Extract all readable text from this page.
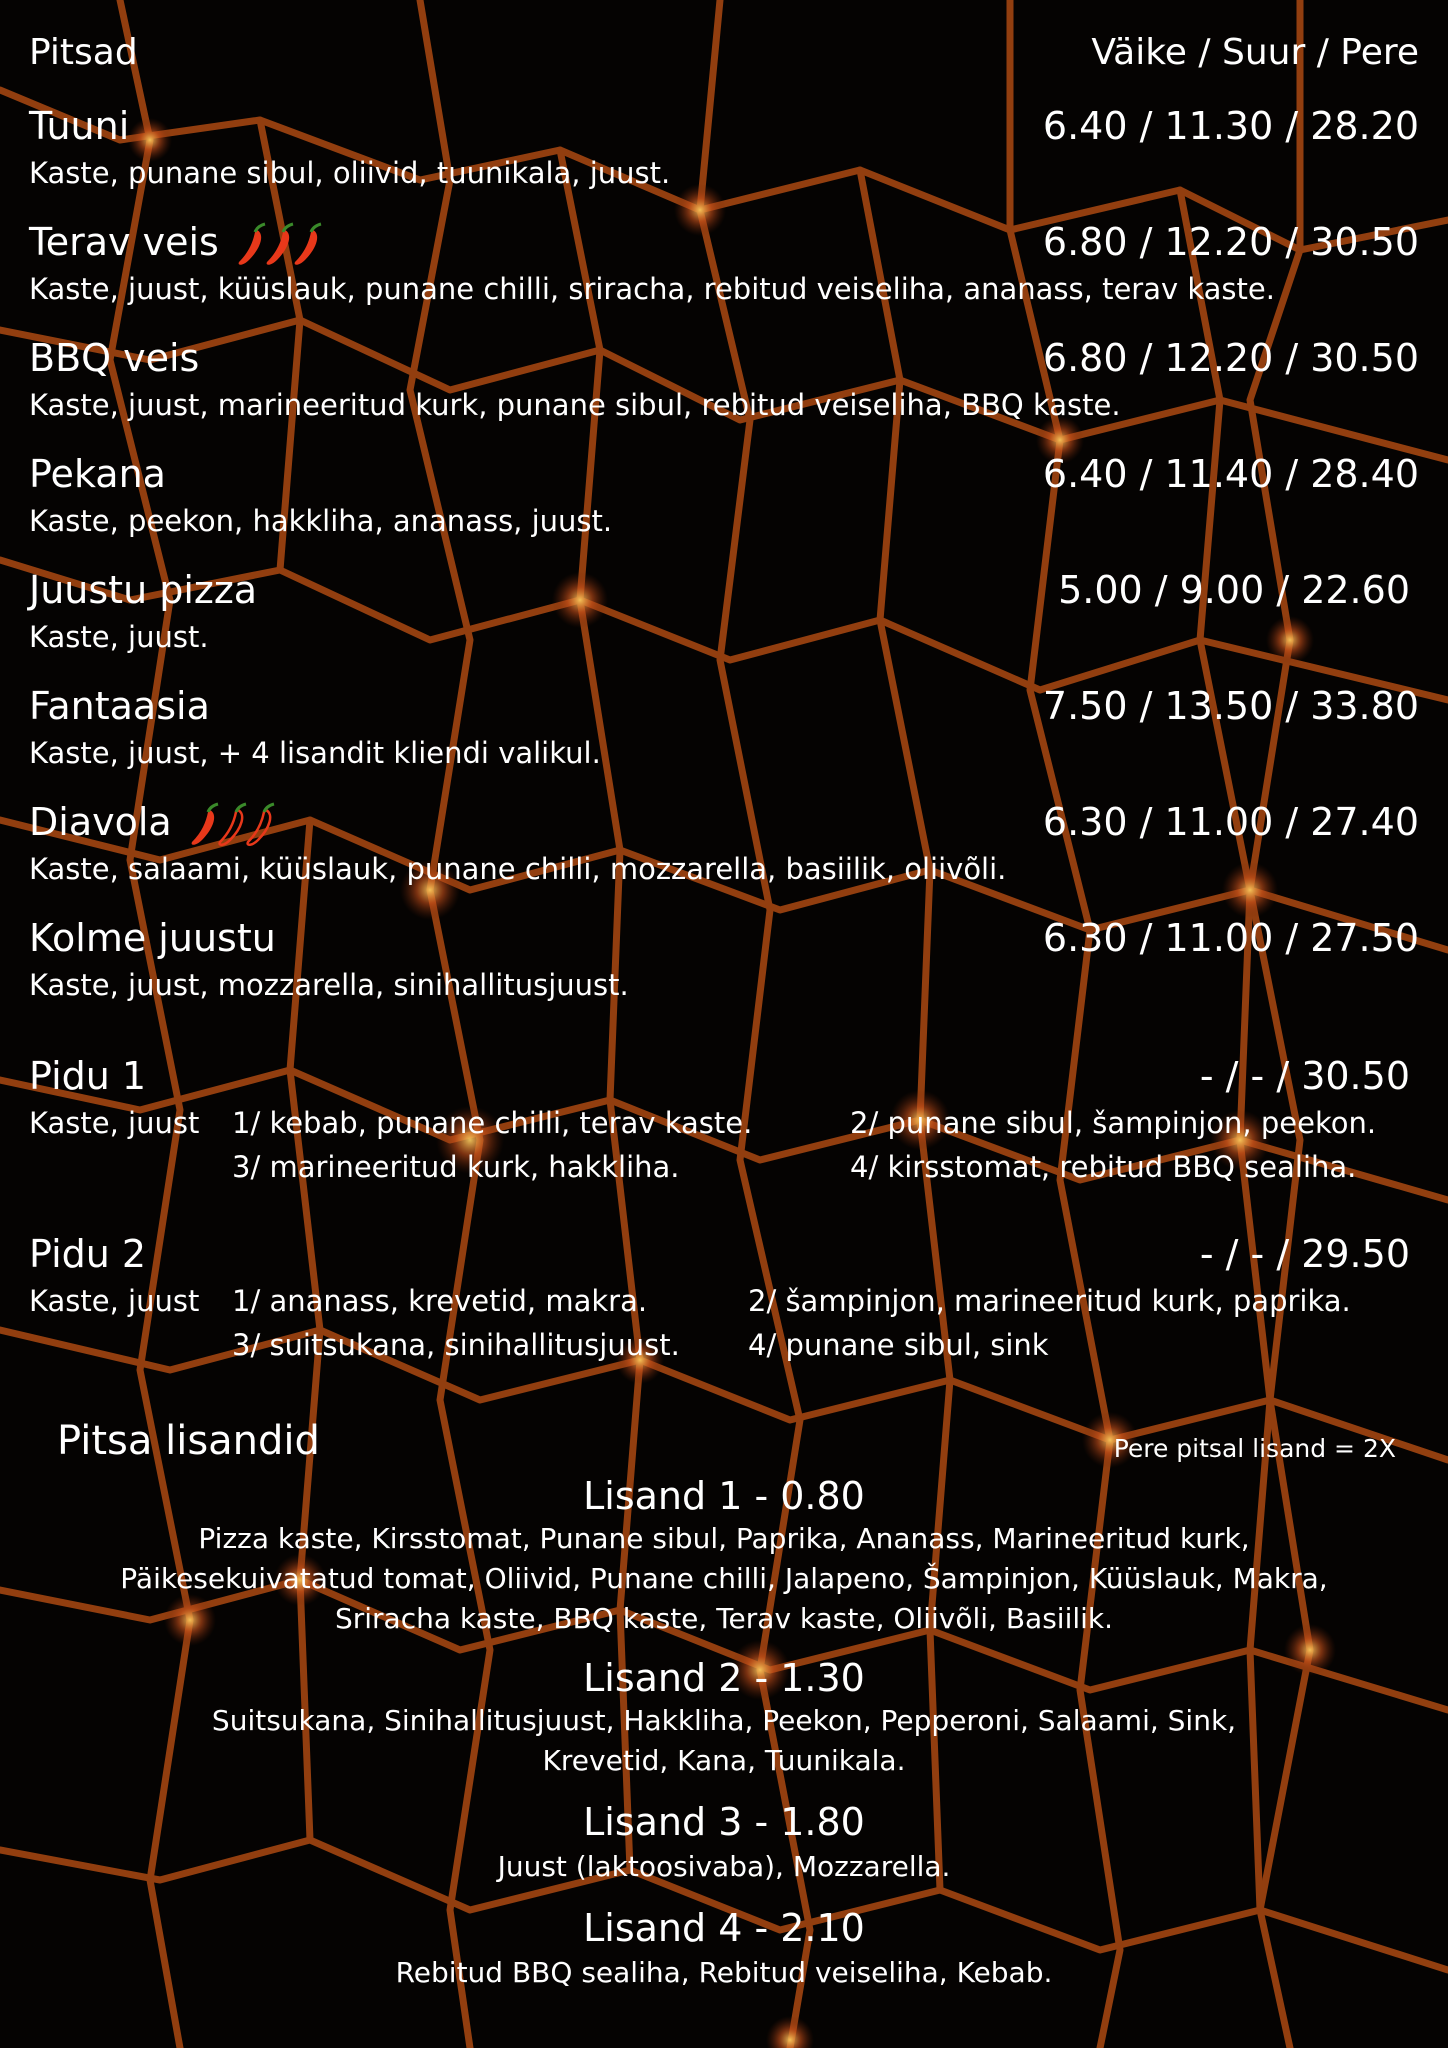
Pitsad	Väike / Suur / Pere
Tuuni	6.40 / 11.30 / 28.20
Kaste, punane sibul, oliivid, tuunikala, juust.
Terav veis	6.80 / 12.20 / 30.50
Kaste, juust, küüslauk, punane chilli, sriracha, rebitud veiseliha, ananass, terav kaste.
BBQ veis	6.80 / 12.20 / 30.50
Kaste, juust, marineeritud kurk, punane sibul, rebitud veiseliha, BBQ kaste.
Pekana	6.40 / 11.40 / 28.40
Kaste, peekon, hakkliha, ananass, juust.
Juustu pizza	5.00 / 9.00 / 22.60
Kaste, juust.
Fantaasia	7.50 / 13.50 / 33.80
Kaste, juust, + 4 lisandit kliendi valikul.
Diavola	6.30 / 11.00 / 27.40
Kaste, salaami, küüslauk, punane chilli, mozzarella, basiilik, oliivõli.
Kolme juustu	6.30 / 11.00 / 27.50
Kaste, juust, mozzarella, sinihallitusjuust.
Pidu 1	- / - / 30.50
Kaste, juust 1/ kebab, punane chilli, terav kaste.	2/ punane sibul, šampinjon, peekon.
3/ marineeritud kurk, hakkliha.	4/ kirsstomat, rebitud BBQ sealiha.
Pidu 2	- / - / 29.50
Kaste, juust 1/ ananass, krevetid, makra.	2/ šampinjon, marineeritud kurk, paprika.
3/ suitsukana, sinihallitusjuust. 4/ punane sibul, sink
Pitsa lisandid	Pere pitsal lisand = 2X
Lisand 1 - 0.80
Pizza kaste, Kirsstomat, Punane sibul, Paprika, Ananass, Marineeritud kurk,
Päikesekuivatatud tomat, Oliivid, Punane chilli, Jalapeno, Šampinjon, Küüslauk, Makra,
Sriracha kaste, BBQ kaste, Terav kaste, Oliivõli, Basiilik.
Lisand 2 - 1.30
Suitsukana, Sinihallitusjuust, Hakkliha, Peekon, Pepperoni, Salaami, Sink,
Krevetid, Kana, Tuunikala.
Lisand 3 - 1.80
Juust (laktoosivaba), Mozzarella.
Lisand 4 - 2.10
Rebitud BBQ sealiha, Rebitud veiseliha, Kebab.
